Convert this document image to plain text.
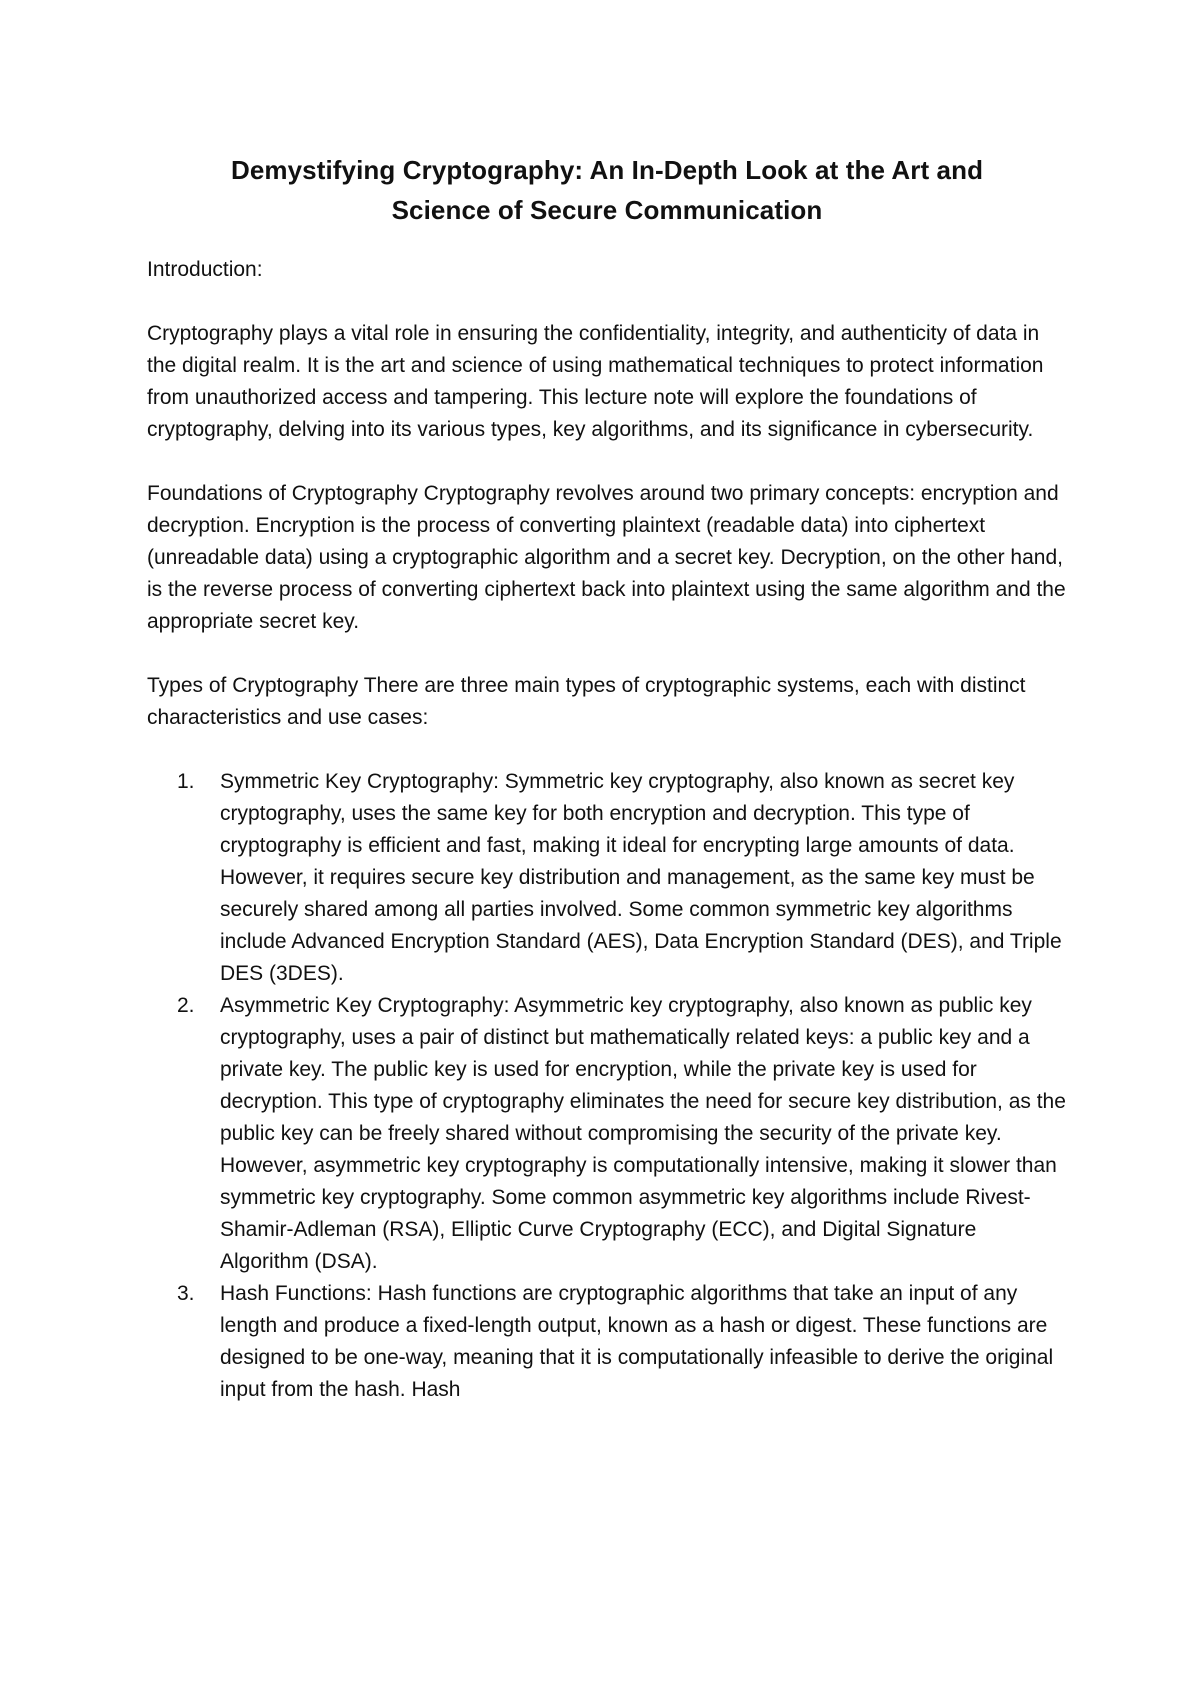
Demystifying Cryptography: An In-Depth Look at the Art and
Science of Secure Communication

Introduction:

Cryptography plays a vital role in ensuring the confidentiality, integrity, and authenticity of data in the digital realm. It is the art and science of using mathematical techniques to protect information from unauthorized access and tampering. This lecture note will explore the foundations of cryptography, delving into its various types, key algorithms, and its significance in cybersecurity.

Foundations of Cryptography Cryptography revolves around two primary concepts: encryption and decryption. Encryption is the process of converting plaintext (readable data) into ciphertext (unreadable data) using a cryptographic algorithm and a secret key. Decryption, on the other hand, is the reverse process of converting ciphertext back into plaintext using the same algorithm and the appropriate secret key.

Types of Cryptography There are three main types of cryptographic systems, each with distinct characteristics and use cases:

1. Symmetric Key Cryptography: Symmetric key cryptography, also known as secret key cryptography, uses the same key for both encryption and decryption. This type of cryptography is efficient and fast, making it ideal for encrypting large amounts of data. However, it requires secure key distribution and management, as the same key must be securely shared among all parties involved. Some common symmetric key algorithms include Advanced Encryption Standard (AES), Data Encryption Standard (DES), and Triple DES (3DES).
2. Asymmetric Key Cryptography: Asymmetric key cryptography, also known as public key cryptography, uses a pair of distinct but mathematically related keys: a public key and a private key. The public key is used for encryption, while the private key is used for decryption. This type of cryptography eliminates the need for secure key distribution, as the public key can be freely shared without compromising the security of the private key. However, asymmetric key cryptography is computationally intensive, making it slower than symmetric key cryptography. Some common asymmetric key algorithms include Rivest-Shamir-Adleman (RSA), Elliptic Curve Cryptography (ECC), and Digital Signature Algorithm (DSA).
3. Hash Functions: Hash functions are cryptographic algorithms that take an input of any length and produce a fixed-length output, known as a hash or digest. These functions are designed to be one-way, meaning that it is computationally infeasible to derive the original input from the hash. Hash
